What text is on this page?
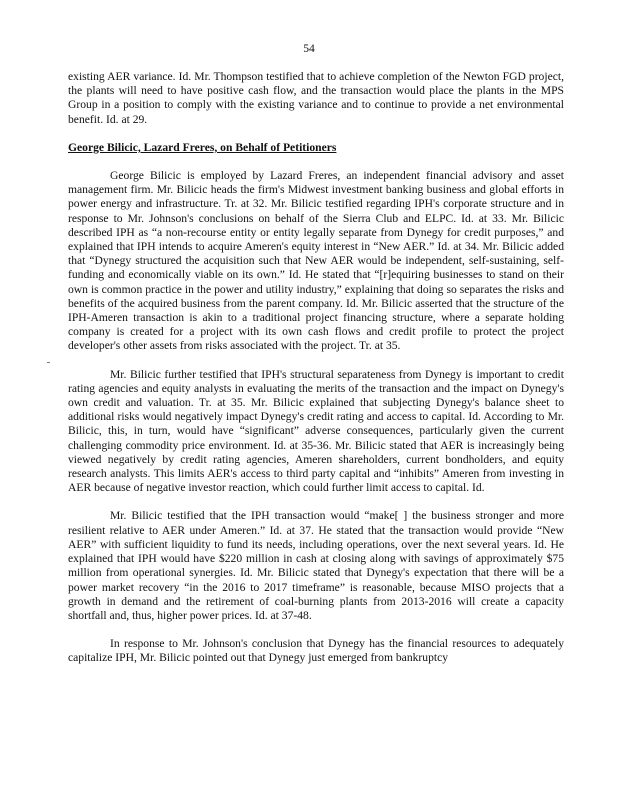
54

existing AER variance. Id. Mr. Thompson testified that to achieve completion of the Newton FGD project, the plants will need to have positive cash flow, and the transaction would place the plants in the MPS Group in a position to comply with the existing variance and to continue to provide a net environmental benefit. Id. at 29.

George Bilicic, Lazard Freres, on Behalf of Petitioners

George Bilicic is employed by Lazard Freres, an independent financial advisory and asset management firm. Mr. Bilicic heads the firm's Midwest investment banking business and global efforts in power energy and infrastructure. Tr. at 32. Mr. Bilicic testified regarding IPH's corporate structure and in response to Mr. Johnson's conclusions on behalf of the Sierra Club and ELPC. Id. at 33. Mr. Bilicic described IPH as “a non-recourse entity or entity legally separate from Dynegy for credit purposes,” and explained that IPH intends to acquire Ameren's equity interest in “New AER.” Id. at 34. Mr. Bilicic added that “Dynegy structured the acquisition such that New AER would be independent, self-sustaining, self-funding and economically viable on its own.” Id. He stated that “[r]equiring businesses to stand on their own is common practice in the power and utility industry,” explaining that doing so separates the risks and benefits of the acquired business from the parent company. Id. Mr. Bilicic asserted that the structure of the IPH-Ameren transaction is akin to a traditional project financing structure, where a separate holding company is created for a project with its own cash flows and credit profile to protect the project developer's other assets from risks associated with the project. Tr. at 35.

Mr. Bilicic further testified that IPH's structural separateness from Dynegy is important to credit rating agencies and equity analysts in evaluating the merits of the transaction and the impact on Dynegy's own credit and valuation. Tr. at 35. Mr. Bilicic explained that subjecting Dynegy's balance sheet to additional risks would negatively impact Dynegy's credit rating and access to capital. Id. According to Mr. Bilicic, this, in turn, would have “significant” adverse consequences, particularly given the current challenging commodity price environment. Id. at 35-36. Mr. Bilicic stated that AER is increasingly being viewed negatively by credit rating agencies, Ameren shareholders, current bondholders, and equity research analysts. This limits AER's access to third party capital and “inhibits” Ameren from investing in AER because of negative investor reaction, which could further limit access to capital. Id.

Mr. Bilicic testified that the IPH transaction would “make[ ] the business stronger and more resilient relative to AER under Ameren.” Id. at 37. He stated that the transaction would provide “New AER” with sufficient liquidity to fund its needs, including operations, over the next several years. Id. He explained that IPH would have $220 million in cash at closing along with savings of approximately $75 million from operational synergies. Id. Mr. Bilicic stated that Dynegy's expectation that there will be a power market recovery “in the 2016 to 2017 timeframe” is reasonable, because MISO projects that a growth in demand and the retirement of coal-burning plants from 2013-2016 will create a capacity shortfall and, thus, higher power prices. Id. at 37-48.

In response to Mr. Johnson's conclusion that Dynegy has the financial resources to adequately capitalize IPH, Mr. Bilicic pointed out that Dynegy just emerged from bankruptcy
